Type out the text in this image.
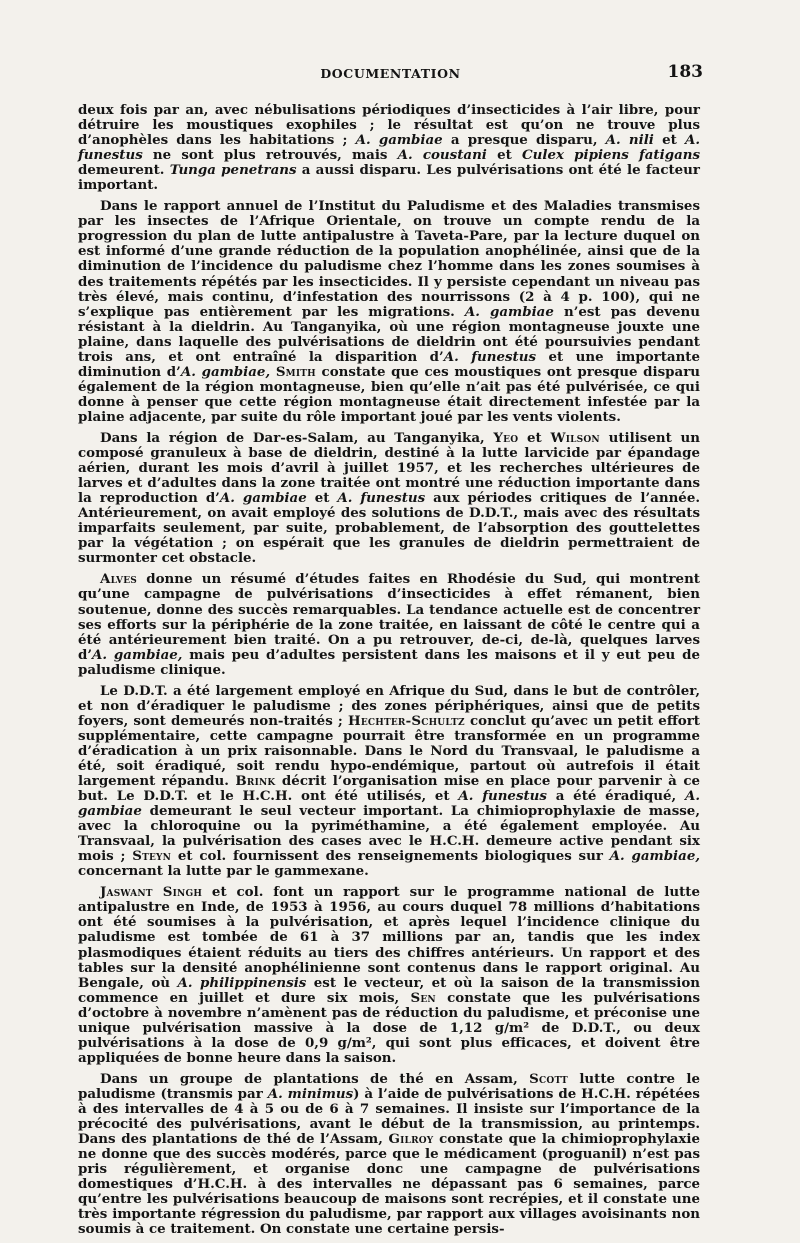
DOCUMENTATION	183

deux fois par an, avec nébulisations périodiques d’insecticides à l’air libre, pour détruire les moustiques exophiles ; le résultat est qu’on ne trouve plus d’anophèles dans les habitations ; A. gambiae a presque disparu, A. nili et A. funestus ne sont plus retrouvés, mais A. coustani et Culex pipiens fatigans demeurent. Tunga penetrans a aussi disparu. Les pulvérisations ont été le facteur important.

Dans le rapport annuel de l’Institut du Paludisme et des Maladies transmises par les insectes de l’Afrique Orientale, on trouve un compte rendu de la progression du plan de lutte antipalustre à Taveta-Pare, par la lecture duquel on est informé d’une grande réduction de la population anophélinée, ainsi que de la diminution de l’incidence du paludisme chez l’homme dans les zones soumises à des traitements répétés par les insecticides. Il y persiste cependant un niveau pas très élevé, mais continu, d’infestation des nourrissons (2 à 4 p. 100), qui ne s’explique pas entièrement par les migrations. A. gambiae n’est pas devenu résistant à la dieldrin. Au Tanganyika, où une région montagneuse jouxte une plaine, dans laquelle des pulvérisations de dieldrin ont été poursuivies pendant trois ans, et ont entraîné la disparition d’A. funestus et une importante diminution d’A. gambiae, Smith constate que ces moustiques ont presque disparu également de la région montagneuse, bien qu’elle n’ait pas été pulvérisée, ce qui donne à penser que cette région montagneuse était directement infestée par la plaine adjacente, par suite du rôle important joué par les vents violents.

Dans la région de Dar-es-Salam, au Tanganyika, Yeo et Wilson utilisent un composé granuleux à base de dieldrin, destiné à la lutte larvicide par épandage aérien, durant les mois d’avril à juillet 1957, et les recherches ultérieures de larves et d’adultes dans la zone traitée ont montré une réduction importante dans la reproduction d’A. gambiae et A. funestus aux périodes critiques de l’année. Antérieurement, on avait employé des solutions de D.D.T., mais avec des résultats imparfaits seulement, par suite, probablement, de l’absorption des gouttelettes par la végétation ; on espérait que les granules de dieldrin permettraient de surmonter cet obstacle.

Alves donne un résumé d’études faites en Rhodésie du Sud, qui montrent qu’une campagne de pulvérisations d’insecticides à effet rémanent, bien soutenue, donne des succès remarquables. La tendance actuelle est de concentrer ses efforts sur la périphérie de la zone traitée, en laissant de côté le centre qui a été antérieurement bien traité. On a pu retrouver, de-ci, de-là, quelques larves d’A. gambiae, mais peu d’adultes persistent dans les maisons et il y eut peu de paludisme clinique.

Le D.D.T. a été largement employé en Afrique du Sud, dans le but de contrôler, et non d’éradiquer le paludisme ; des zones périphériques, ainsi que de petits foyers, sont demeurés non-traités ; Hechter-Schultz conclut qu’avec un petit effort supplémentaire, cette campagne pourrait être transformée en un programme d’éradication à un prix raisonnable. Dans le Nord du Transvaal, le paludisme a été, soit éradiqué, soit rendu hypo-endémique, partout où autrefois il était largement répandu. Brink décrit l’organisation mise en place pour parvenir à ce but. Le D.D.T. et le H.C.H. ont été utilisés, et A. funestus a été éradiqué, A. gambiae demeurant le seul vecteur important. La chimioprophylaxie de masse, avec la chloroquine ou la pyriméthamine, a été également employée. Au Transvaal, la pulvérisation des cases avec le H.C.H. demeure active pendant six mois ; Steyn et col. fournissent des renseignements biologiques sur A. gambiae, concernant la lutte par le gammexane.

Jaswant Singh et col. font un rapport sur le programme national de lutte antipalustre en Inde, de 1953 à 1956, au cours duquel 78 millions d’habitations ont été soumises à la pulvérisation, et après lequel l’incidence clinique du paludisme est tombée de 61 à 37 millions par an, tandis que les index plasmodiques étaient réduits au tiers des chiffres antérieurs. Un rapport et des tables sur la densité anophélinienne sont contenus dans le rapport original. Au Bengale, où A. philippinensis est le vecteur, et où la saison de la transmission commence en juillet et dure six mois, Sen constate que les pulvérisations d’octobre à novembre n’amènent pas de réduction du paludisme, et préconise une unique pulvérisation massive à la dose de 1,12 g/m² de D.D.T., ou deux pulvérisations à la dose de 0,9 g/m², qui sont plus efficaces, et doivent être appliquées de bonne heure dans la saison.

Dans un groupe de plantations de thé en Assam, Scott lutte contre le paludisme (transmis par A. minimus) à l’aide de pulvérisations de H.C.H. répétées à des intervalles de 4 à 5 ou de 6 à 7 semaines. Il insiste sur l’importance de la précocité des pulvérisations, avant le début de la transmission, au printemps. Dans des plantations de thé de l’Assam, Gilroy constate que la chimioprophylaxie ne donne que des succès modérés, parce que le médicament (proguanil) n’est pas pris régulièrement, et organise donc une campagne de pulvérisations domestiques d’H.C.H. à des intervalles ne dépassant pas 6 semaines, parce qu’entre les pulvérisations beaucoup de maisons sont recrépies, et il constate une très importante régression du paludisme, par rapport aux villages avoisinants non soumis à ce traitement. On constate une certaine persis-
